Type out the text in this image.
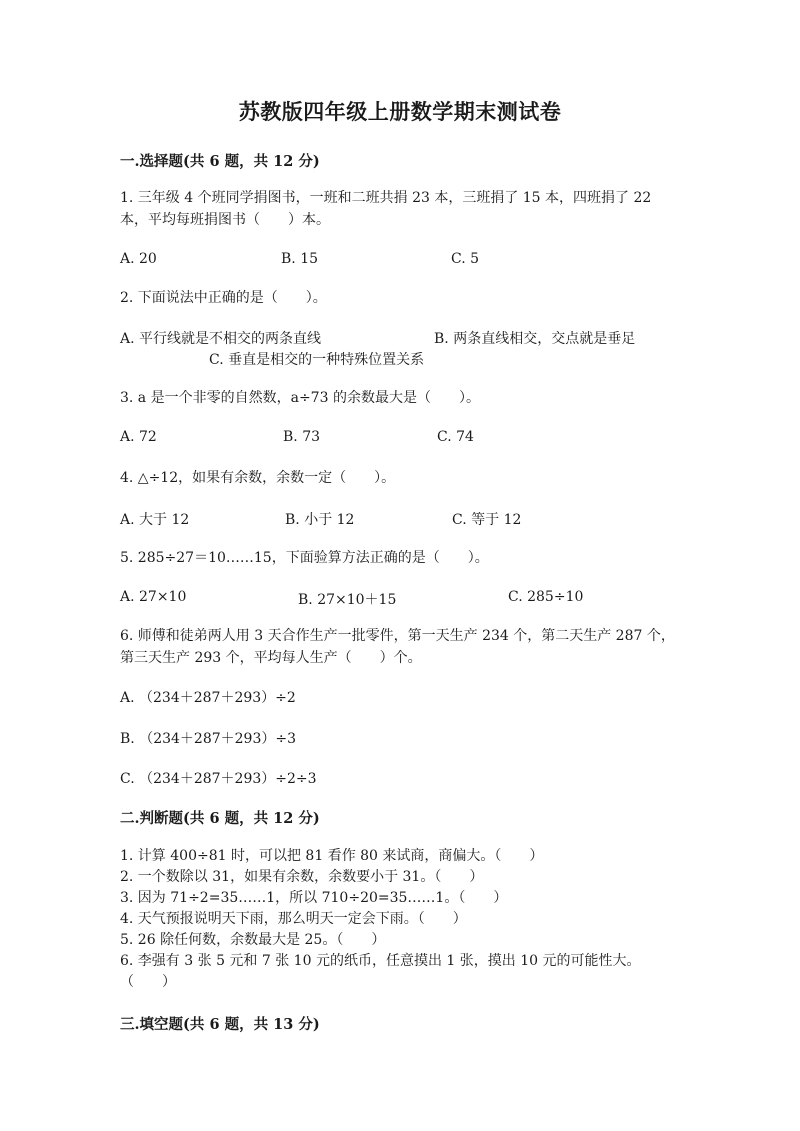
苏教版四年级上册数学期末测试卷
一.选择题(共 6 题，共 12 分)
1. 三年级 4 个班同学捐图书，一班和二班共捐 23 本，三班捐了 15 本，四班捐了 22 本，平均每班捐图书（　　）本。
A. 20	B. 15	C. 5
2. 下面说法中正确的是（　　）。
A. 平行线就是不相交的两条直线	B. 两条直线相交，交点就是垂足
C. 垂直是相交的一种特殊位置关系
3. a 是一个非零的自然数，a÷73 的余数最大是（　　）。
A. 72	B. 73	C. 74
4. △÷12，如果有余数，余数一定（　　）。
A. 大于 12	B. 小于 12	C. 等于 12
5. 285÷27＝10……15，下面验算方法正确的是（　　）。
A. 27×10	B. 27×10＋15	C. 285÷10
6. 师傅和徒弟两人用 3 天合作生产一批零件，第一天生产 234 个，第二天生产 287 个，第三天生产 293 个，平均每人生产（　　）个。
A. （234＋287＋293）÷2
B. （234＋287＋293）÷3
C. （234＋287＋293）÷2÷3
二.判断题(共 6 题，共 12 分)
1. 计算 400÷81 时，可以把 81 看作 80 来试商，商偏大。（　　）
2. 一个数除以 31，如果有余数，余数要小于 31。（　　）
3. 因为 71÷2=35……1，所以 710÷20=35……1。（　　）
4. 天气预报说明天下雨，那么明天一定会下雨。（　　）
5. 26 除任何数，余数最大是 25。（　　）
6. 李强有 3 张 5 元和 7 张 10 元的纸币，任意摸出 1 张，摸出 10 元的可能性大。　　（　　）
三.填空题(共 6 题，共 13 分)
